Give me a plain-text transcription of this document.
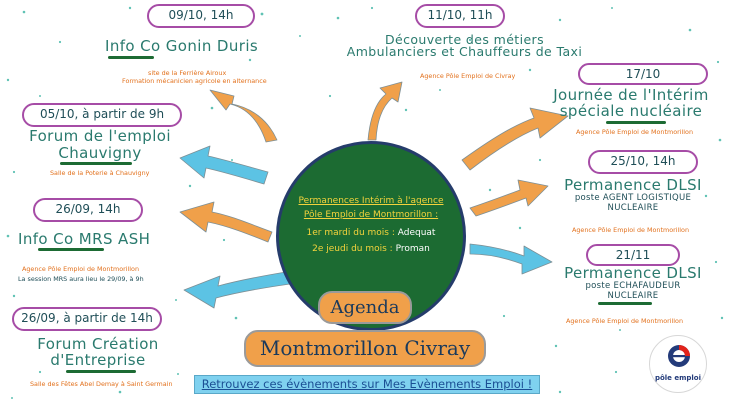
09/10, 14h
Info Co Gonin Duris
site de la Ferrière Airoux
Formation mécanicien agricole en alternance
11/10, 11h
Découverte des métiers
Ambulanciers et Chauffeurs de Taxi
Agence Pôle Emploi de Civray
05/10, à partir de 9h
Forum de l'emploi
Chauvigny
Salle de la Poterie à Chauvigny
17/10
Journée de l'Intérim
spéciale nucléaire
Agence Pôle Emploi de Montmorillon
26/09, 14h
Info Co MRS ASH
Agence Pôle Emploi de Montmorillon
La session MRS aura lieu le 29/09, à 9h
25/10, 14h
Permanence DLSI
poste AGENT LOGISTIQUE
NUCLEAIRE
Agence Pôle Emploi de Montmorillon
21/11
Permanence DLSI
poste ECHAFAUDEUR
NUCLEAIRE
Agence Pôle Emploi de Montmorillon
26/09, à partir de 14h
Forum Création
d'Entreprise
Salle des Fêtes Abel Demay à Saint Germain
Permanences Intérim à l'agence
Pôle Emploi de Montmorillon :
1er mardi du mois : Adequat
2e jeudi du mois : Proman
Agenda
Montmorillon Civray
Retrouvez ces évènements sur Mes Evènements Emploi !	pôle emploi
